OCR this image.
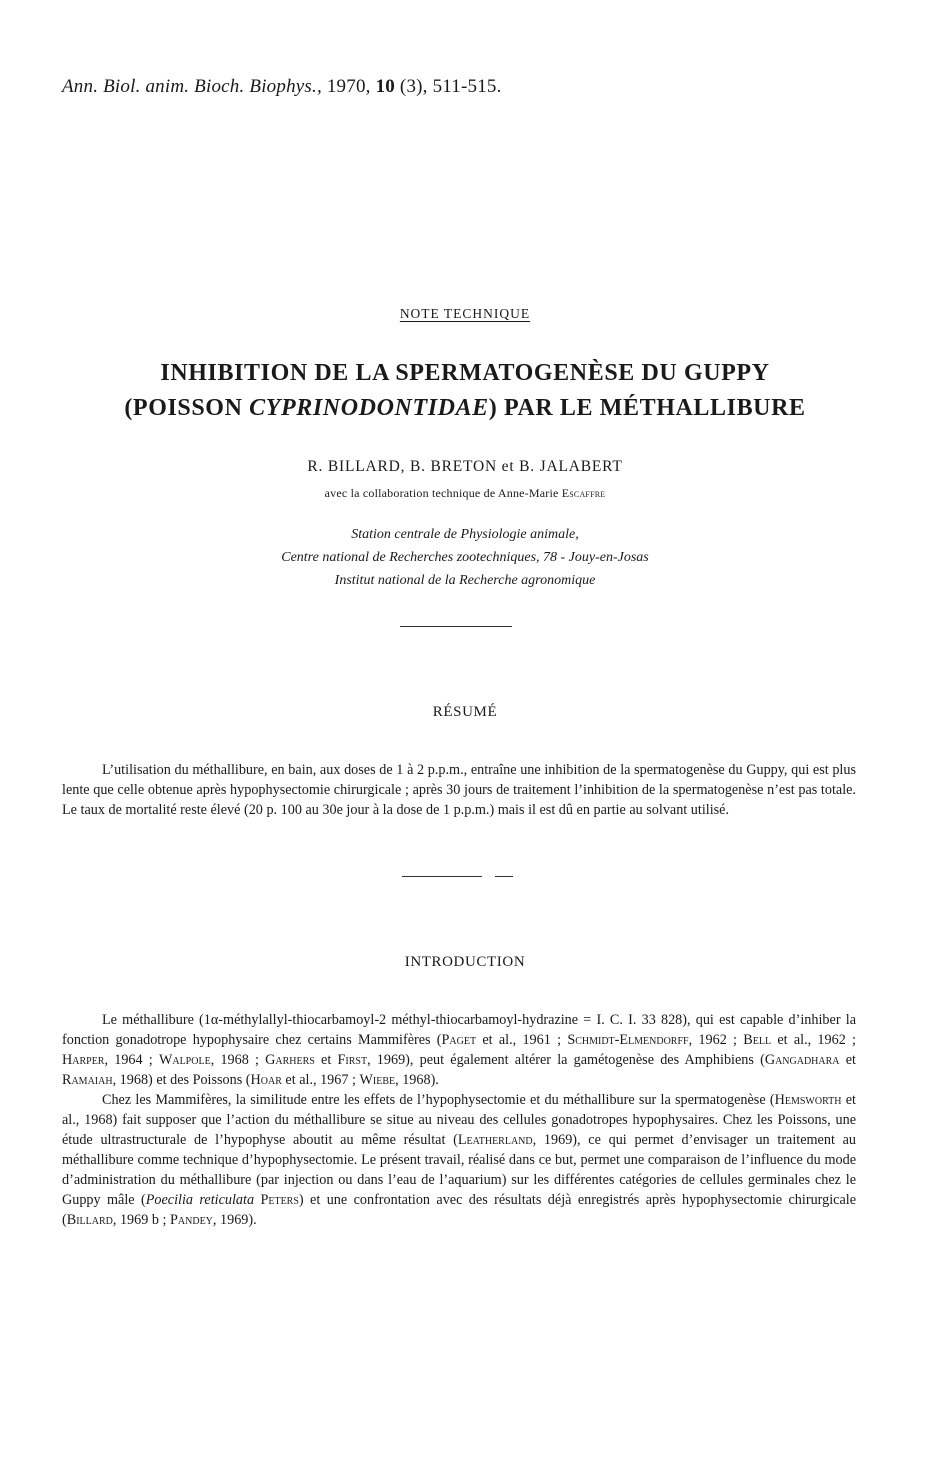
Ann. Biol. anim. Bioch. Biophys., 1970, 10 (3), 511-515.
NOTE TECHNIQUE
INHIBITION DE LA SPERMATOGENÈSE DU GUPPY
(POISSON CYPRINODONTIDAE) PAR LE MÉTHALLIBURE
R. BILLARD, B. BRETON et B. JALABERT
avec la collaboration technique de Anne-Marie Escaffre
Station centrale de Physiologie animale,
Centre national de Recherches zootechniques, 78 - Jouy-en-Josas
Institut national de la Recherche agronomique
RÉSUMÉ

L’utilisation du méthallibure, en bain, aux doses de 1 à 2 p.p.m., entraîne une inhibition de la spermatogenèse du Guppy, qui est plus lente que celle obtenue après hypophysectomie chirurgicale ; après 30 jours de traitement l’inhibition de la spermatogenèse n’est pas totale. Le taux de mortalité reste élevé (20 p. 100 au 30e jour à la dose de 1 p.p.m.) mais il est dû en partie au solvant utilisé.

INTRODUCTION

Le méthallibure (1α-méthylallyl-thiocarbamoyl-2 méthyl-thiocarbamoyl-hydrazine = I. C. I. 33 828), qui est capable d’inhiber la fonction gonadotrope hypophysaire chez certains Mammifères (Paget et al., 1961 ; Schmidt-Elmendorff, 1962 ; Bell et al., 1962 ; Harper, 1964 ; Walpole, 1968 ; Garhers et First, 1969), peut également altérer la gamétogenèse des Amphibiens (Gangadhara et Ramaiah, 1968) et des Poissons (Hoar et al., 1967 ; Wiebe, 1968).

Chez les Mammifères, la similitude entre les effets de l’hypophysectomie et du méthallibure sur la spermatogenèse (Hemsworth et al., 1968) fait supposer que l’action du méthallibure se situe au niveau des cellules gonadotropes hypophysaires. Chez les Poissons, une étude ultrastructurale de l’hypophyse aboutit au même résultat (Leatherland, 1969), ce qui permet d’envisager un traitement au méthallibure comme technique d’hypophysectomie. Le présent travail, réalisé dans ce but, permet une comparaison de l’influence du mode d’administration du méthallibure (par injection ou dans l’eau de l’aquarium) sur les différentes catégories de cellules germinales chez le Guppy mâle (Poecilia reticulata Peters) et une confrontation avec des résultats déjà enregistrés après hypophysectomie chirurgicale (Billard, 1969 b ; Pandey, 1969).
